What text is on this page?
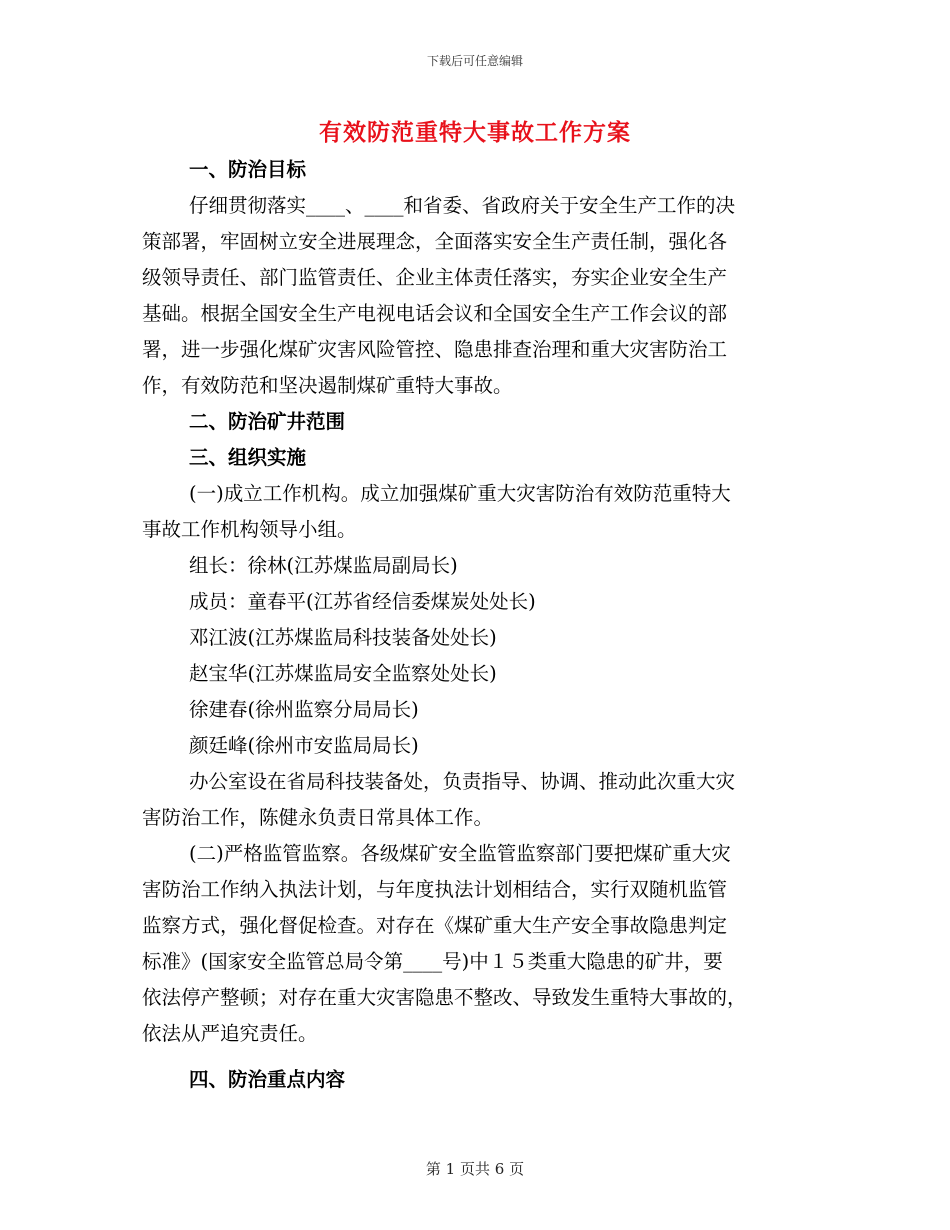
下载后可任意编辑
有效防范重特大事故工作方案
一、防治目标
仔细贯彻落实____、____和省委、省政府关于安全生产工作的决
策部署，牢固树立安全进展理念，全面落实安全生产责任制，强化各
级领导责任、部门监管责任、企业主体责任落实，夯实企业安全生产
基础。根据全国安全生产电视电话会议和全国安全生产工作会议的部
署，进一步强化煤矿灾害风险管控、隐患排查治理和重大灾害防治工
作，有效防范和坚决遏制煤矿重特大事故。
二、防治矿井范围
三、组织实施
(一)成立工作机构。成立加强煤矿重大灾害防治有效防范重特大
事故工作机构领导小组。
组长：徐林(江苏煤监局副局长)
成员：童春平(江苏省经信委煤炭处处长)
邓江波(江苏煤监局科技装备处处长)
赵宝华(江苏煤监局安全监察处处长)
徐建春(徐州监察分局局长)
颜廷峰(徐州市安监局局长)
办公室设在省局科技装备处，负责指导、协调、推动此次重大灾
害防治工作，陈健永负责日常具体工作。
(二)严格监管监察。各级煤矿安全监管监察部门要把煤矿重大灾
害防治工作纳入执法计划，与年度执法计划相结合，实行双随机监管
监察方式，强化督促检查。对存在《煤矿重大生产安全事故隐患判定
标准》(国家安全监管总局令第____号)中１５类重大隐患的矿井，要
依法停产整顿；对存在重大灾害隐患不整改、导致发生重特大事故的，
依法从严追究责任。
四、防治重点内容
第 1 页共 6 页
